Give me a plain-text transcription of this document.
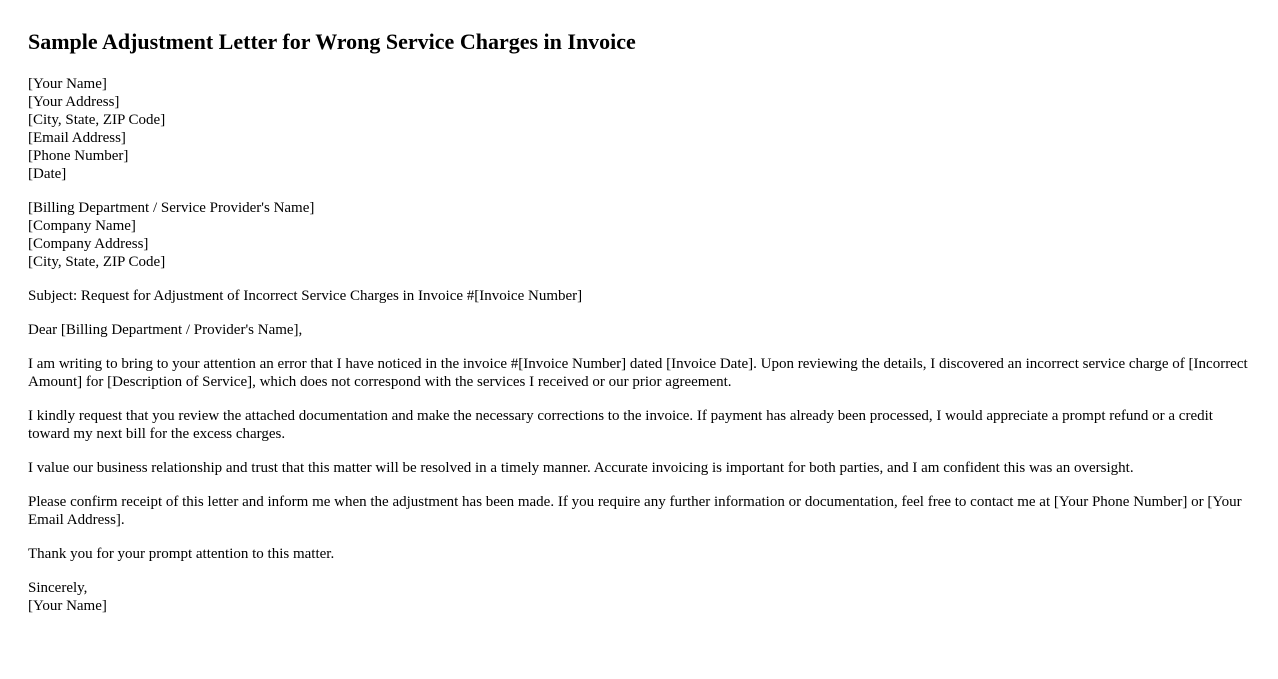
Sample Adjustment Letter for Wrong Service Charges in Invoice
[Your Name]
[Your Address]
[City, State, ZIP Code]
[Email Address]
[Phone Number]
[Date]
[Billing Department / Service Provider's Name]
[Company Name]
[Company Address]
[City, State, ZIP Code]

Subject: Request for Adjustment of Incorrect Service Charges in Invoice #[Invoice Number]

Dear [Billing Department / Provider's Name],

I am writing to bring to your attention an error that I have noticed in the invoice #[Invoice Number] dated [Invoice Date]. Upon reviewing the details, I discovered an incorrect service charge of [Incorrect Amount] for [Description of Service], which does not correspond with the services I received or our prior agreement.

I kindly request that you review the attached documentation and make the necessary corrections to the invoice. If payment has already been processed, I would appreciate a prompt refund or a credit toward my next bill for the excess charges.

I value our business relationship and trust that this matter will be resolved in a timely manner. Accurate invoicing is important for both parties, and I am confident this was an oversight.

Please confirm receipt of this letter and inform me when the adjustment has been made. If you require any further information or documentation, feel free to contact me at [Your Phone Number] or [Your Email Address].

Thank you for your prompt attention to this matter.

Sincerely,
[Your Name]
